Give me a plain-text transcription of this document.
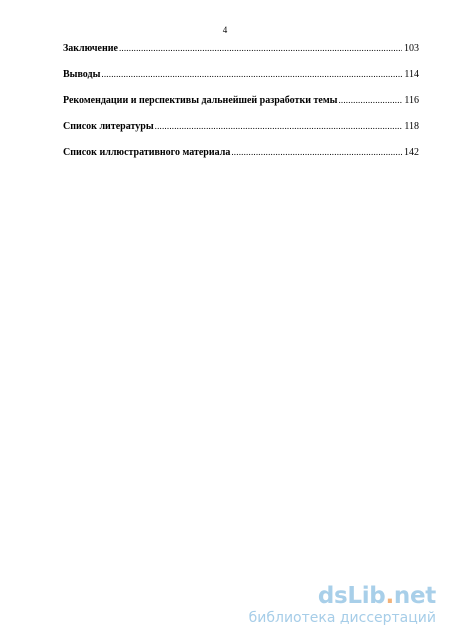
4
Заключение .....	103
Выводы .....	114
Рекомендации и перспективы дальнейшей разработки темы .....	116
Список литературы .....	118
Список иллюстративного материала .....	142
dsLib.net
библиотека диссертаций
